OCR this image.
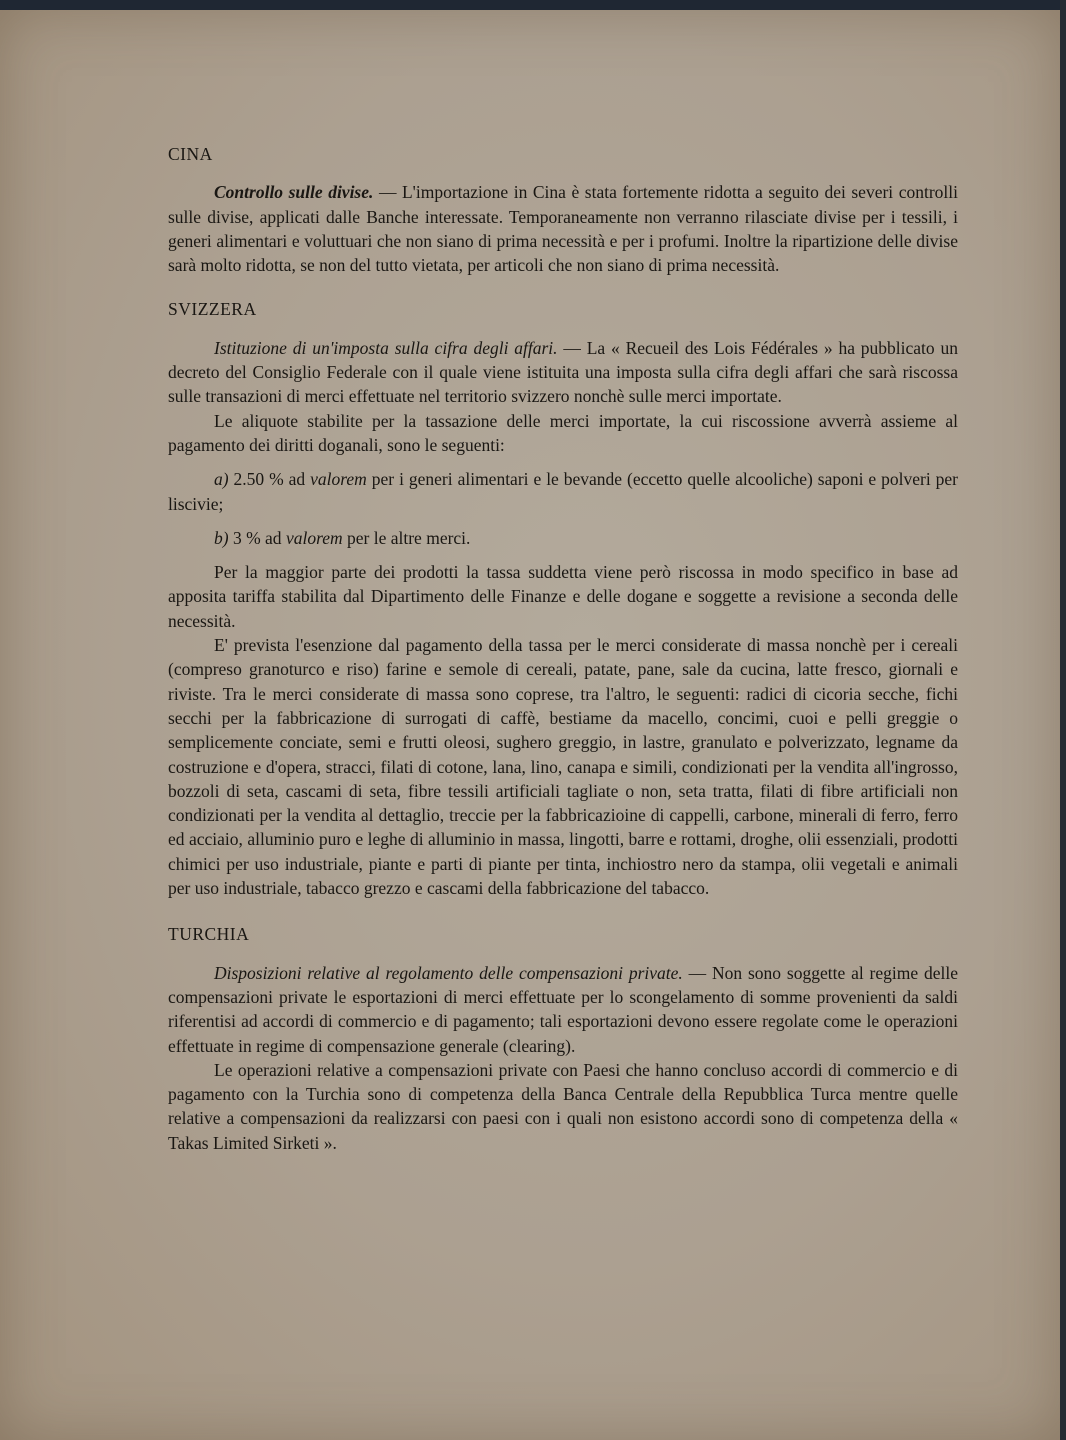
CINA

Controllo sulle divise. — L'importazione in Cina è stata fortemente ridotta a seguito dei severi controlli sulle divise, applicati dalle Banche interessate. Temporaneamente non verranno rilasciate divise per i tessili, i generi alimentari e voluttuari che non siano di prima necessità e per i profumi. Inoltre la ripartizione delle divise sarà molto ridotta, se non del tutto vietata, per articoli che non siano di prima necessità.

SVIZZERA

Istituzione di un'imposta sulla cifra degli affari. — La « Recueil des Lois Fédérales » ha pubblicato un decreto del Consiglio Federale con il quale viene istituita una imposta sulla cifra degli affari che sarà riscossa sulle transazioni di merci effettuate nel territorio svizzero nonchè sulle merci importate.

Le aliquote stabilite per la tassazione delle merci importate, la cui riscossione avverrà assieme al pagamento dei diritti doganali, sono le seguenti:

a) 2.50 % ad valorem per i generi alimentari e le bevande (eccetto quelle alcooliche) saponi e polveri per liscivie;

b) 3 % ad valorem per le altre merci.

Per la maggior parte dei prodotti la tassa suddetta viene però riscossa in modo specifico in base ad apposita tariffa stabilita dal Dipartimento delle Finanze e delle dogane e soggette a revisione a seconda delle necessità.

E' prevista l'esenzione dal pagamento della tassa per le merci considerate di massa nonchè per i cereali (compreso granoturco e riso) farine e semole di cereali, patate, pane, sale da cucina, latte fresco, giornali e riviste. Tra le merci considerate di massa sono coprese, tra l'altro, le seguenti: radici di cicoria secche, fichi secchi per la fabbricazione di surrogati di caffè, bestiame da macello, concimi, cuoi e pelli greggie o semplicemente conciate, semi e frutti oleosi, sughero greggio, in lastre, granulato e polverizzato, legname da costruzione e d'opera, stracci, filati di cotone, lana, lino, canapa e simili, condizionati per la vendita all'ingrosso, bozzoli di seta, cascami di seta, fibre tessili artificiali tagliate o non, seta tratta, filati di fibre artificiali non condizionati per la vendita al dettaglio, treccie per la fabbricazioine di cappelli, carbone, minerali di ferro, ferro ed acciaio, alluminio puro e leghe di alluminio in massa, lingotti, barre e rottami, droghe, olii essenziali, prodotti chimici per uso industriale, piante e parti di piante per tinta, inchiostro nero da stampa, olii vegetali e animali per uso industriale, tabacco grezzo e cascami della fabbricazione del tabacco.

TURCHIA

Disposizioni relative al regolamento delle compensazioni private. — Non sono soggette al regime delle compensazioni private le esportazioni di merci effettuate per lo scongelamento di somme provenienti da saldi riferentisi ad accordi di commercio e di pagamento; tali esportazioni devono essere regolate come le operazioni effettuate in regime di compensazione generale (clearing).

Le operazioni relative a compensazioni private con Paesi che hanno concluso accordi di commercio e di pagamento con la Turchia sono di competenza della Banca Centrale della Repubblica Turca mentre quelle relative a compensazioni da realizzarsi con paesi con i quali non esistono accordi sono di competenza della « Takas Limited Sirketi ».
